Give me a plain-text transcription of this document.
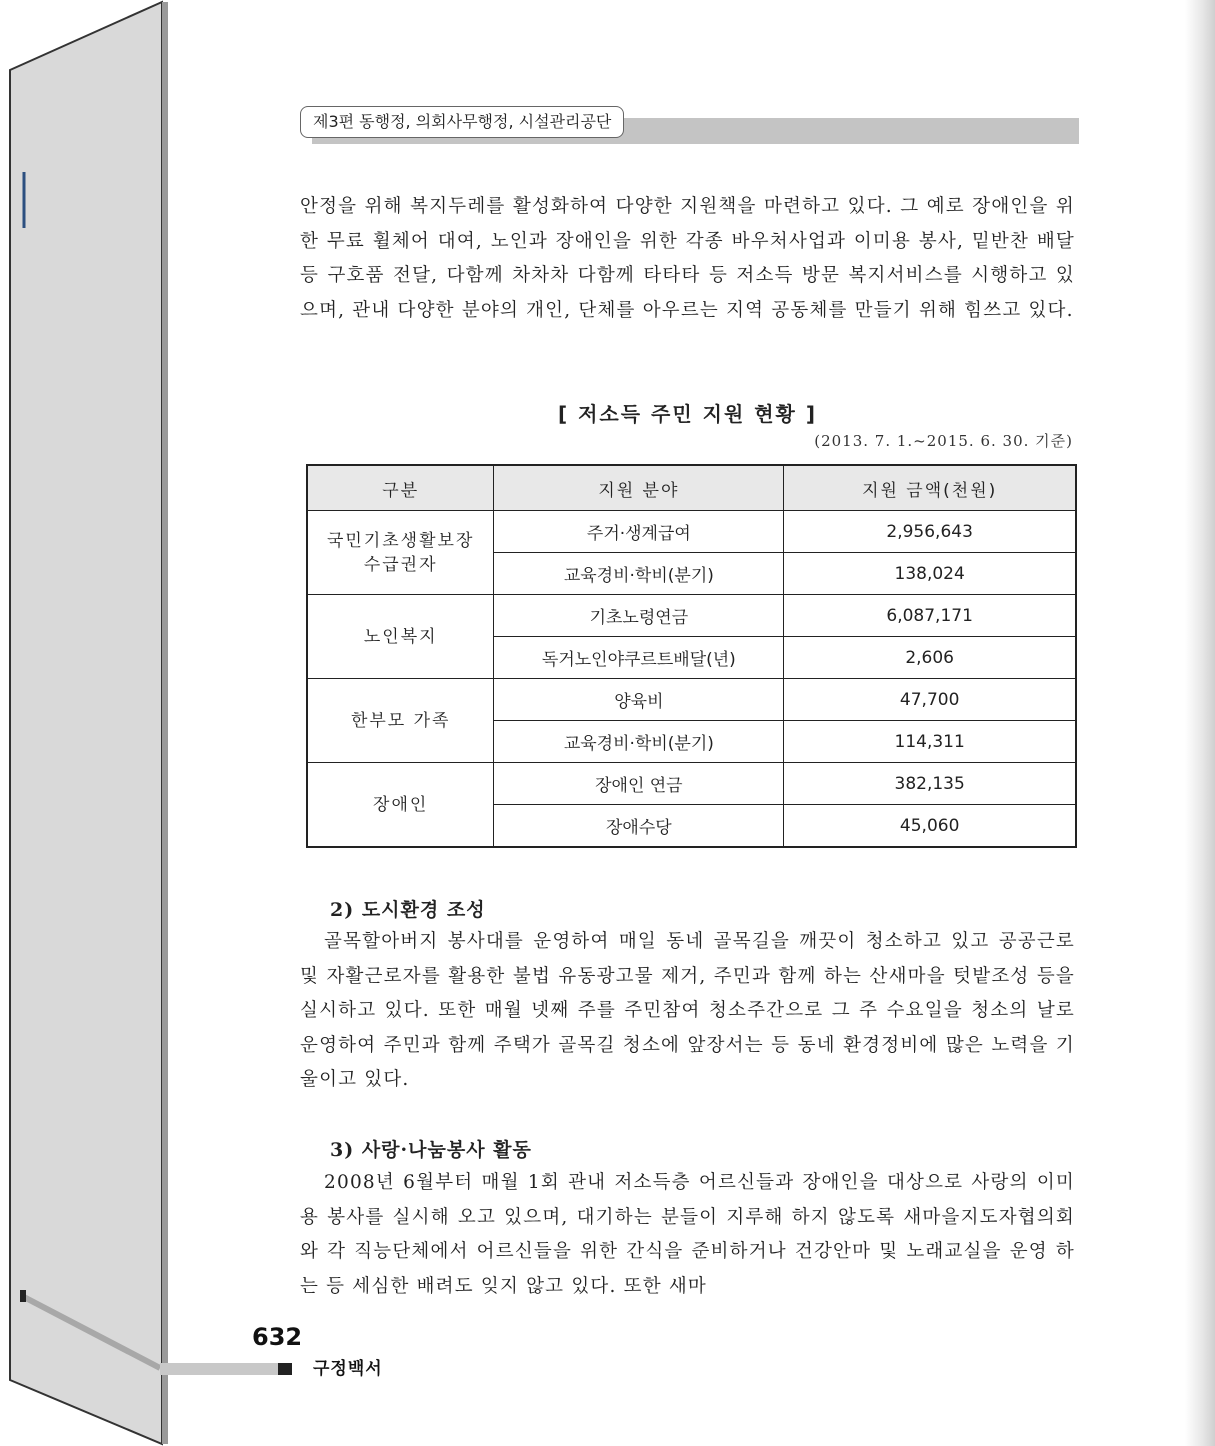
제3편 동행정, 의회사무행정, 시설관리공단
안정을 위해 복지두레를 활성화하여 다양한 지원책을 마련하고 있다. 그 예로 장애인을 위한 무료 휠체어 대여, 노인과 장애인을 위한 각종 바우처사업과 이미용 봉사, 밑반찬 배달 등 구호품 전달, 다함께 차차차 다함께 타타타 등 저소득 방문 복지서비스를 시행하고 있으며, 관내 다양한 분야의 개인, 단체를 아우르는 지역 공동체를 만들기 위해 힘쓰고 있다.
[ 저소득 주민 지원 현황 ]
(2013. 7. 1.~2015. 6. 30. 기준)
구분	지원 분야	지원 금액(천원)
국민기초생활보장 수급권자	주거·생계급여	2,956,643
	교육경비·학비(분기)	138,024
노인복지	기초노령연금	6,087,171
	독거노인야쿠르트배달(년)	2,606
한부모 가족	양육비	47,700
	교육경비·학비(분기)	114,311
장애인	장애인 연금	382,135
	장애수당	45,060
2) 도시환경 조성
골목할아버지 봉사대를 운영하여 매일 동네 골목길을 깨끗이 청소하고 있고 공공근로 및 자활근로자를 활용한 불법 유동광고물 제거, 주민과 함께 하는 산새마을 텃밭조성 등을 실시하고 있다. 또한 매월 넷째 주를 주민참여 청소주간으로 그 주 수요일을 청소의 날로 운영하여 주민과 함께 주택가 골목길 청소에 앞장서는 등 동네 환경정비에 많은 노력을 기울이고 있다.
3) 사랑·나눔봉사 활동
2008년 6월부터 매월 1회 관내 저소득층 어르신들과 장애인을 대상으로 사랑의 이미용 봉사를 실시해 오고 있으며, 대기하는 분들이 지루해 하지 않도록 새마을지도자협의회와 각 직능단체에서 어르신들을 위한 간식을 준비하거나 건강안마 및 노래교실을 운영 하는 등 세심한 배려도 잊지 않고 있다. 또한 새마
632
구정백서
